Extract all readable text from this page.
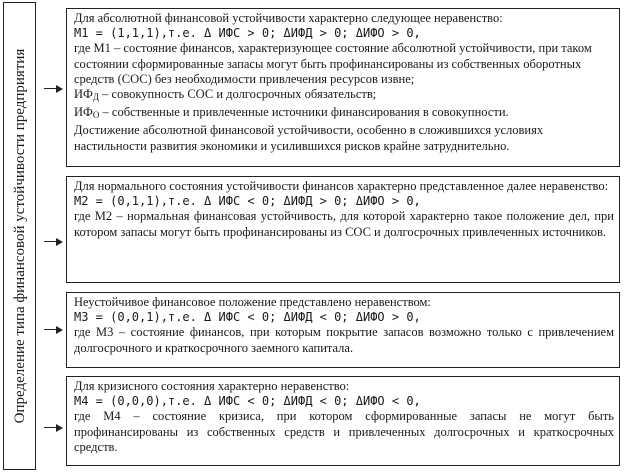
Определение типа финансовой устойчивости предприятия

Для абсолютной финансовой устойчивости характерно следующее неравенство:

M1 = (1,1,1),т.е. Δ ИФС > 0; ΔИФД > 0; ΔИФО > 0,

где М1 – состояние финансов, характеризующее состояние абсолютной устойчивости, при таком состоянии сформированные запасы могут быть профинансированы из собственных оборотных средств (СОС) без необходимости привлечения ресурсов извне;

$ИФ_Д$ – совокупность СОС и долгосрочных обязательств;

$ИФ_О$ – собственные и привлеченные источники финансирования в совокупности.

Достижение абсолютной финансовой устойчивости, особенно в сложившихся условиях настильности развития экономики и усилившихся рисков крайне затруднительно.

Для нормального состояния устойчивости финансов характерно представленное далее неравенство:

M2 = (0,1,1),т.е. Δ ИФС < 0; ΔИФД > 0; ΔИФО > 0,

где М2 – нормальная финансовая устойчивость, для которой характерно такое положение дел, при котором запасы могут быть профинансированы из СОС и долгосрочных привлеченных источников.

Неустойчивое финансовое положение представлено неравенством:

M3 = (0,0,1),т.е. Δ ИФС < 0; ΔИФД < 0; ΔИФО > 0,

где М3 – состояние финансов, при которым покрытие запасов возможно только с привлечением долгосрочного и краткосрочного заемного капитала.

Для кризисного состояния характерно неравенство:

M4 = (0,0,0),т.е. Δ ИФС < 0; ΔИФД < 0; ΔИФО < 0,

где М4 – состояние кризиса, при котором сформированные запасы не могут быть профинансированы из собственных средств и привлеченных долгосрочных и краткосрочных средств.
